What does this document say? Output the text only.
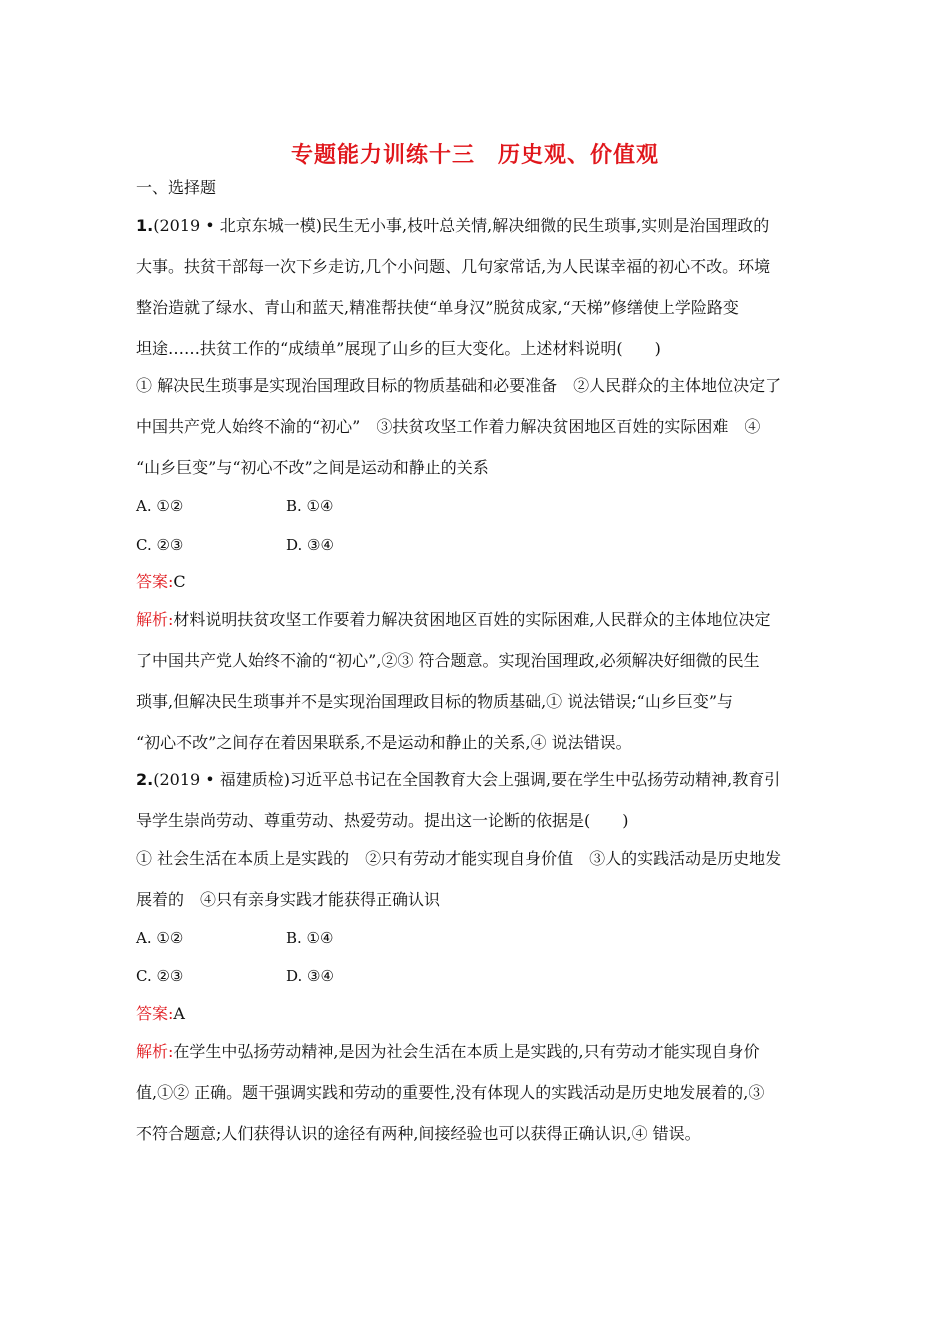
专题能力训练十三　历史观、价值观
一、选择题
1.(2019 • 北京东城一模)民生无小事,枝叶总关情,解决细微的民生琐事,实则是治国理政的
大事。扶贫干部每一次下乡走访,几个小问题、几句家常话,为人民谋幸福的初心不改。环境
整治造就了绿水、青山和蓝天,精准帮扶使“单身汉”脱贫成家,“天梯”修缮使上学险路变
坦途……扶贫工作的“成绩单”展现了山乡的巨大变化。上述材料说明(　　)
① 解决民生琐事是实现治国理政目标的物质基础和必要准备　②人民群众的主体地位决定了
中国共产党人始终不渝的“初心”　③扶贫攻坚工作着力解决贫困地区百姓的实际困难　④
“山乡巨变”与“初心不改”之间是运动和静止的关系
A. ①②	B. ①④
C. ②③	D. ③④
答案:C
解析:材料说明扶贫攻坚工作要着力解决贫困地区百姓的实际困难,人民群众的主体地位决定
了中国共产党人始终不渝的“初心”,②③ 符合题意。实现治国理政,必须解决好细微的民生
琐事,但解决民生琐事并不是实现治国理政目标的物质基础,① 说法错误;“山乡巨变”与
“初心不改”之间存在着因果联系,不是运动和静止的关系,④ 说法错误。
2.(2019 • 福建质检)习近平总书记在全国教育大会上强调,要在学生中弘扬劳动精神,教育引
导学生崇尚劳动、尊重劳动、热爱劳动。提出这一论断的依据是(　　)
① 社会生活在本质上是实践的　②只有劳动才能实现自身价值　③人的实践活动是历史地发
展着的　④只有亲身实践才能获得正确认识
A. ①②	B. ①④
C. ②③	D. ③④
答案:A
解析:在学生中弘扬劳动精神,是因为社会生活在本质上是实践的,只有劳动才能实现自身价
值,①② 正确。题干强调实践和劳动的重要性,没有体现人的实践活动是历史地发展着的,③
不符合题意;人们获得认识的途径有两种,间接经验也可以获得正确认识,④ 错误。
